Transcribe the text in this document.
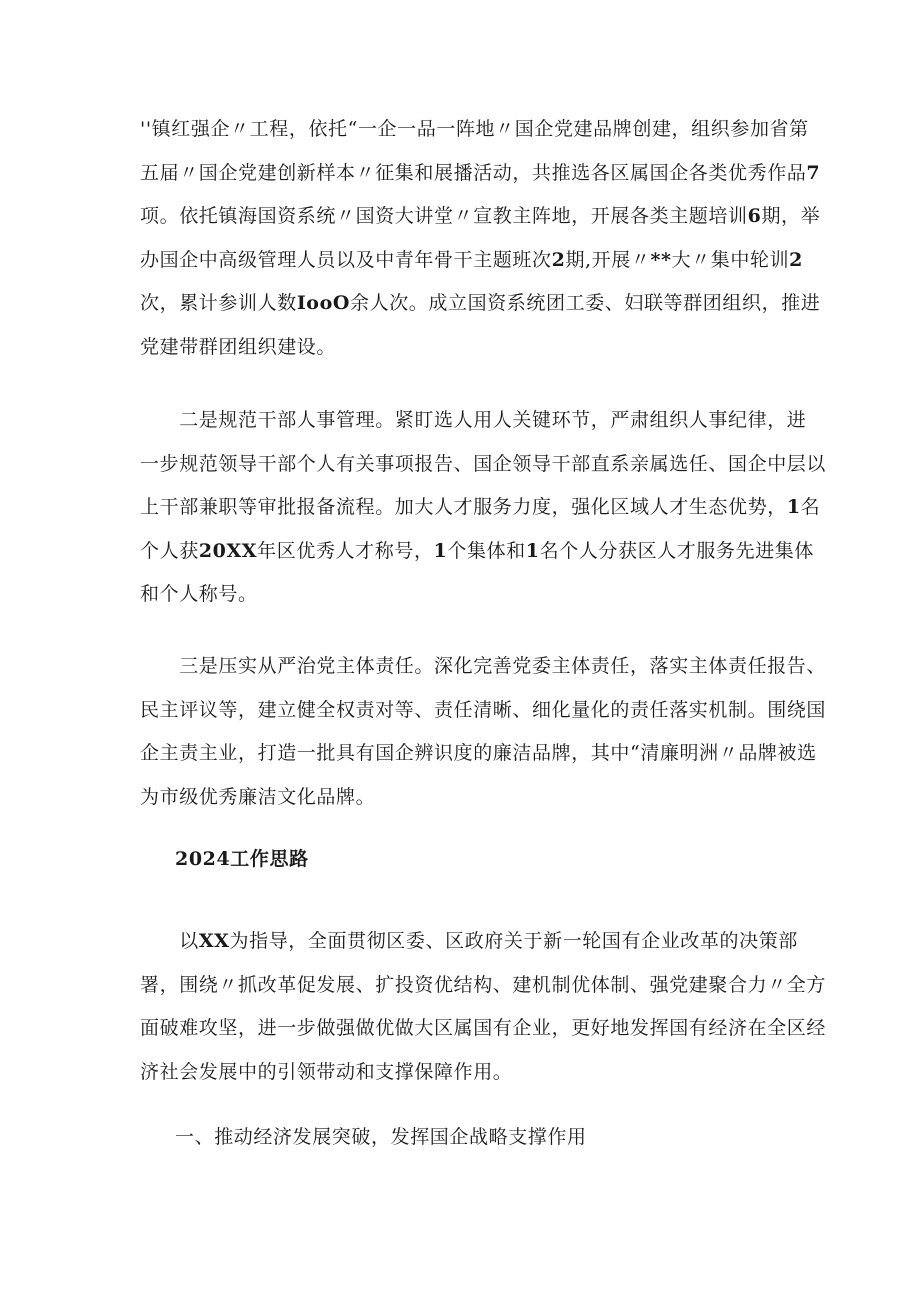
''镇红强企〃工程，依托“一企一品一阵地〃国企党建品牌创建，组织参加省第
五届〃国企党建创新样本〃征集和展播活动，共推选各区属国企各类优秀作品7
项。依托镇海国资系统〃国资大讲堂〃宣教主阵地，开展各类主题培训6期，举
办国企中高级管理人员以及中青年骨干主题班次2期,开展〃**大〃集中轮训2
次，累计参训人数IooO余人次。成立国资系统团工委、妇联等群团组织，推进
党建带群团组织建设。
　　二是规范干部人事管理。紧盯选人用人关键环节，严肃组织人事纪律，进
一步规范领导干部个人有关事项报告、国企领导干部直系亲属选任、国企中层以
上干部兼职等审批报备流程。加大人才服务力度，强化区域人才生态优势，1名
个人获20XX年区优秀人才称号，1个集体和1名个人分获区人才服务先进集体
和个人称号。
　　三是压实从严治党主体责任。深化完善党委主体责任，落实主体责任报告、
民主评议等，建立健全权责对等、责任清晰、细化量化的责任落实机制。围绕国
企主责主业，打造一批具有国企辨识度的廉洁品牌，其中“清廉明洲〃品牌被选
为市级优秀廉洁文化品牌。
2024工作思路
　　以XX为指导，全面贯彻区委、区政府关于新一轮国有企业改革的决策部
署，围绕〃抓改革促发展、扩投资优结构、建机制优体制、强党建聚合力〃全方
面破难攻坚，进一步做强做优做大区属国有企业，更好地发挥国有经济在全区经
济社会发展中的引领带动和支撑保障作用。

一、推动经济发展突破，发挥国企战略支撑作用
